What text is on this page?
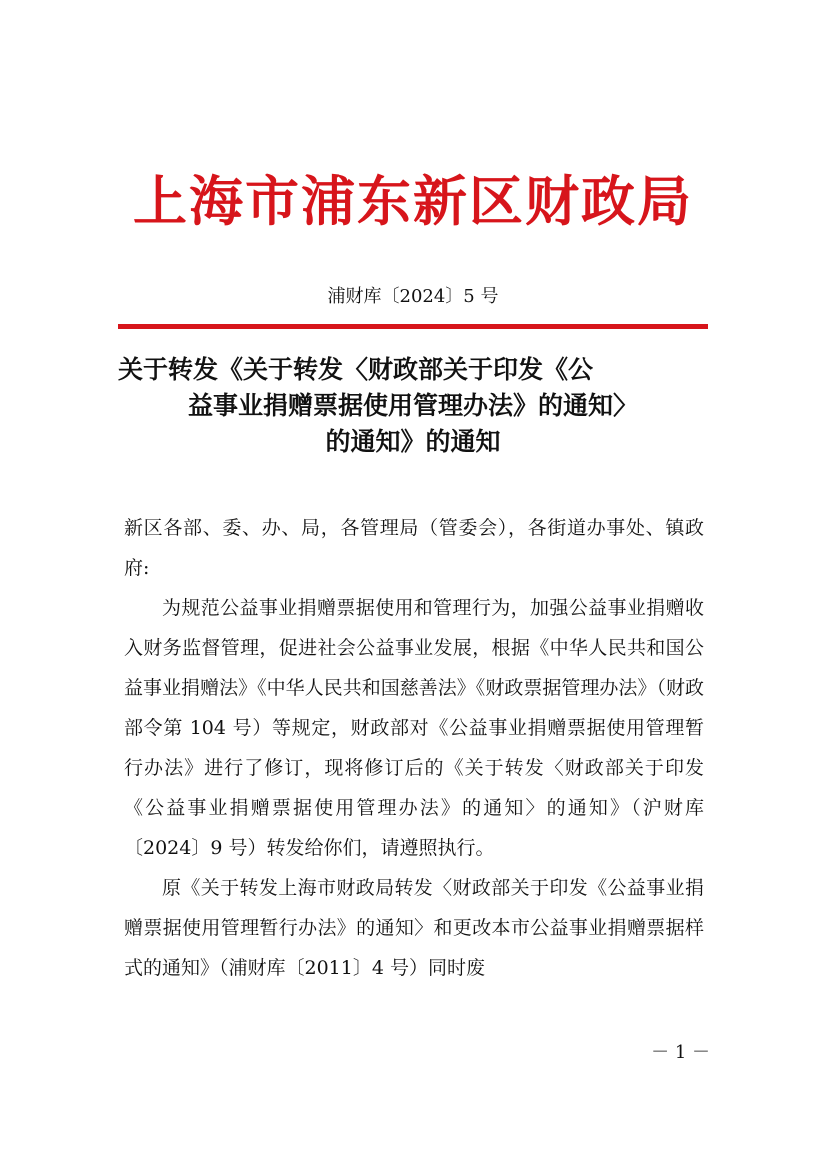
上海市浦东新区财政局
浦财库〔2024〕5 号
关于转发《关于转发〈财政部关于印发《公
益事业捐赠票据使用管理办法》的通知〉
的通知》的通知

新区各部、委、办、局，各管理局（管委会），各街道办事处、镇政府:

为规范公益事业捐赠票据使用和管理行为，加强公益事业捐赠收入财务监督管理，促进社会公益事业发展，根据《中华人民共和国公益事业捐赠法》《中华人民共和国慈善法》《财政票据管理办法》（财政部令第 104 号）等规定，财政部对《公益事业捐赠票据使用管理暂行办法》进行了修订，现将修订后的《关于转发〈财政部关于印发《公益事业捐赠票据使用管理办法》的通知〉的通知》（沪财库〔2024〕9 号）转发给你们，请遵照执行。

原《关于转发上海市财政局转发〈财政部关于印发《公益事业捐赠票据使用管理暂行办法》的通知〉和更改本市公益事业捐赠票据样式的通知》（浦财库〔2011〕4 号）同时废

－ 1 －
